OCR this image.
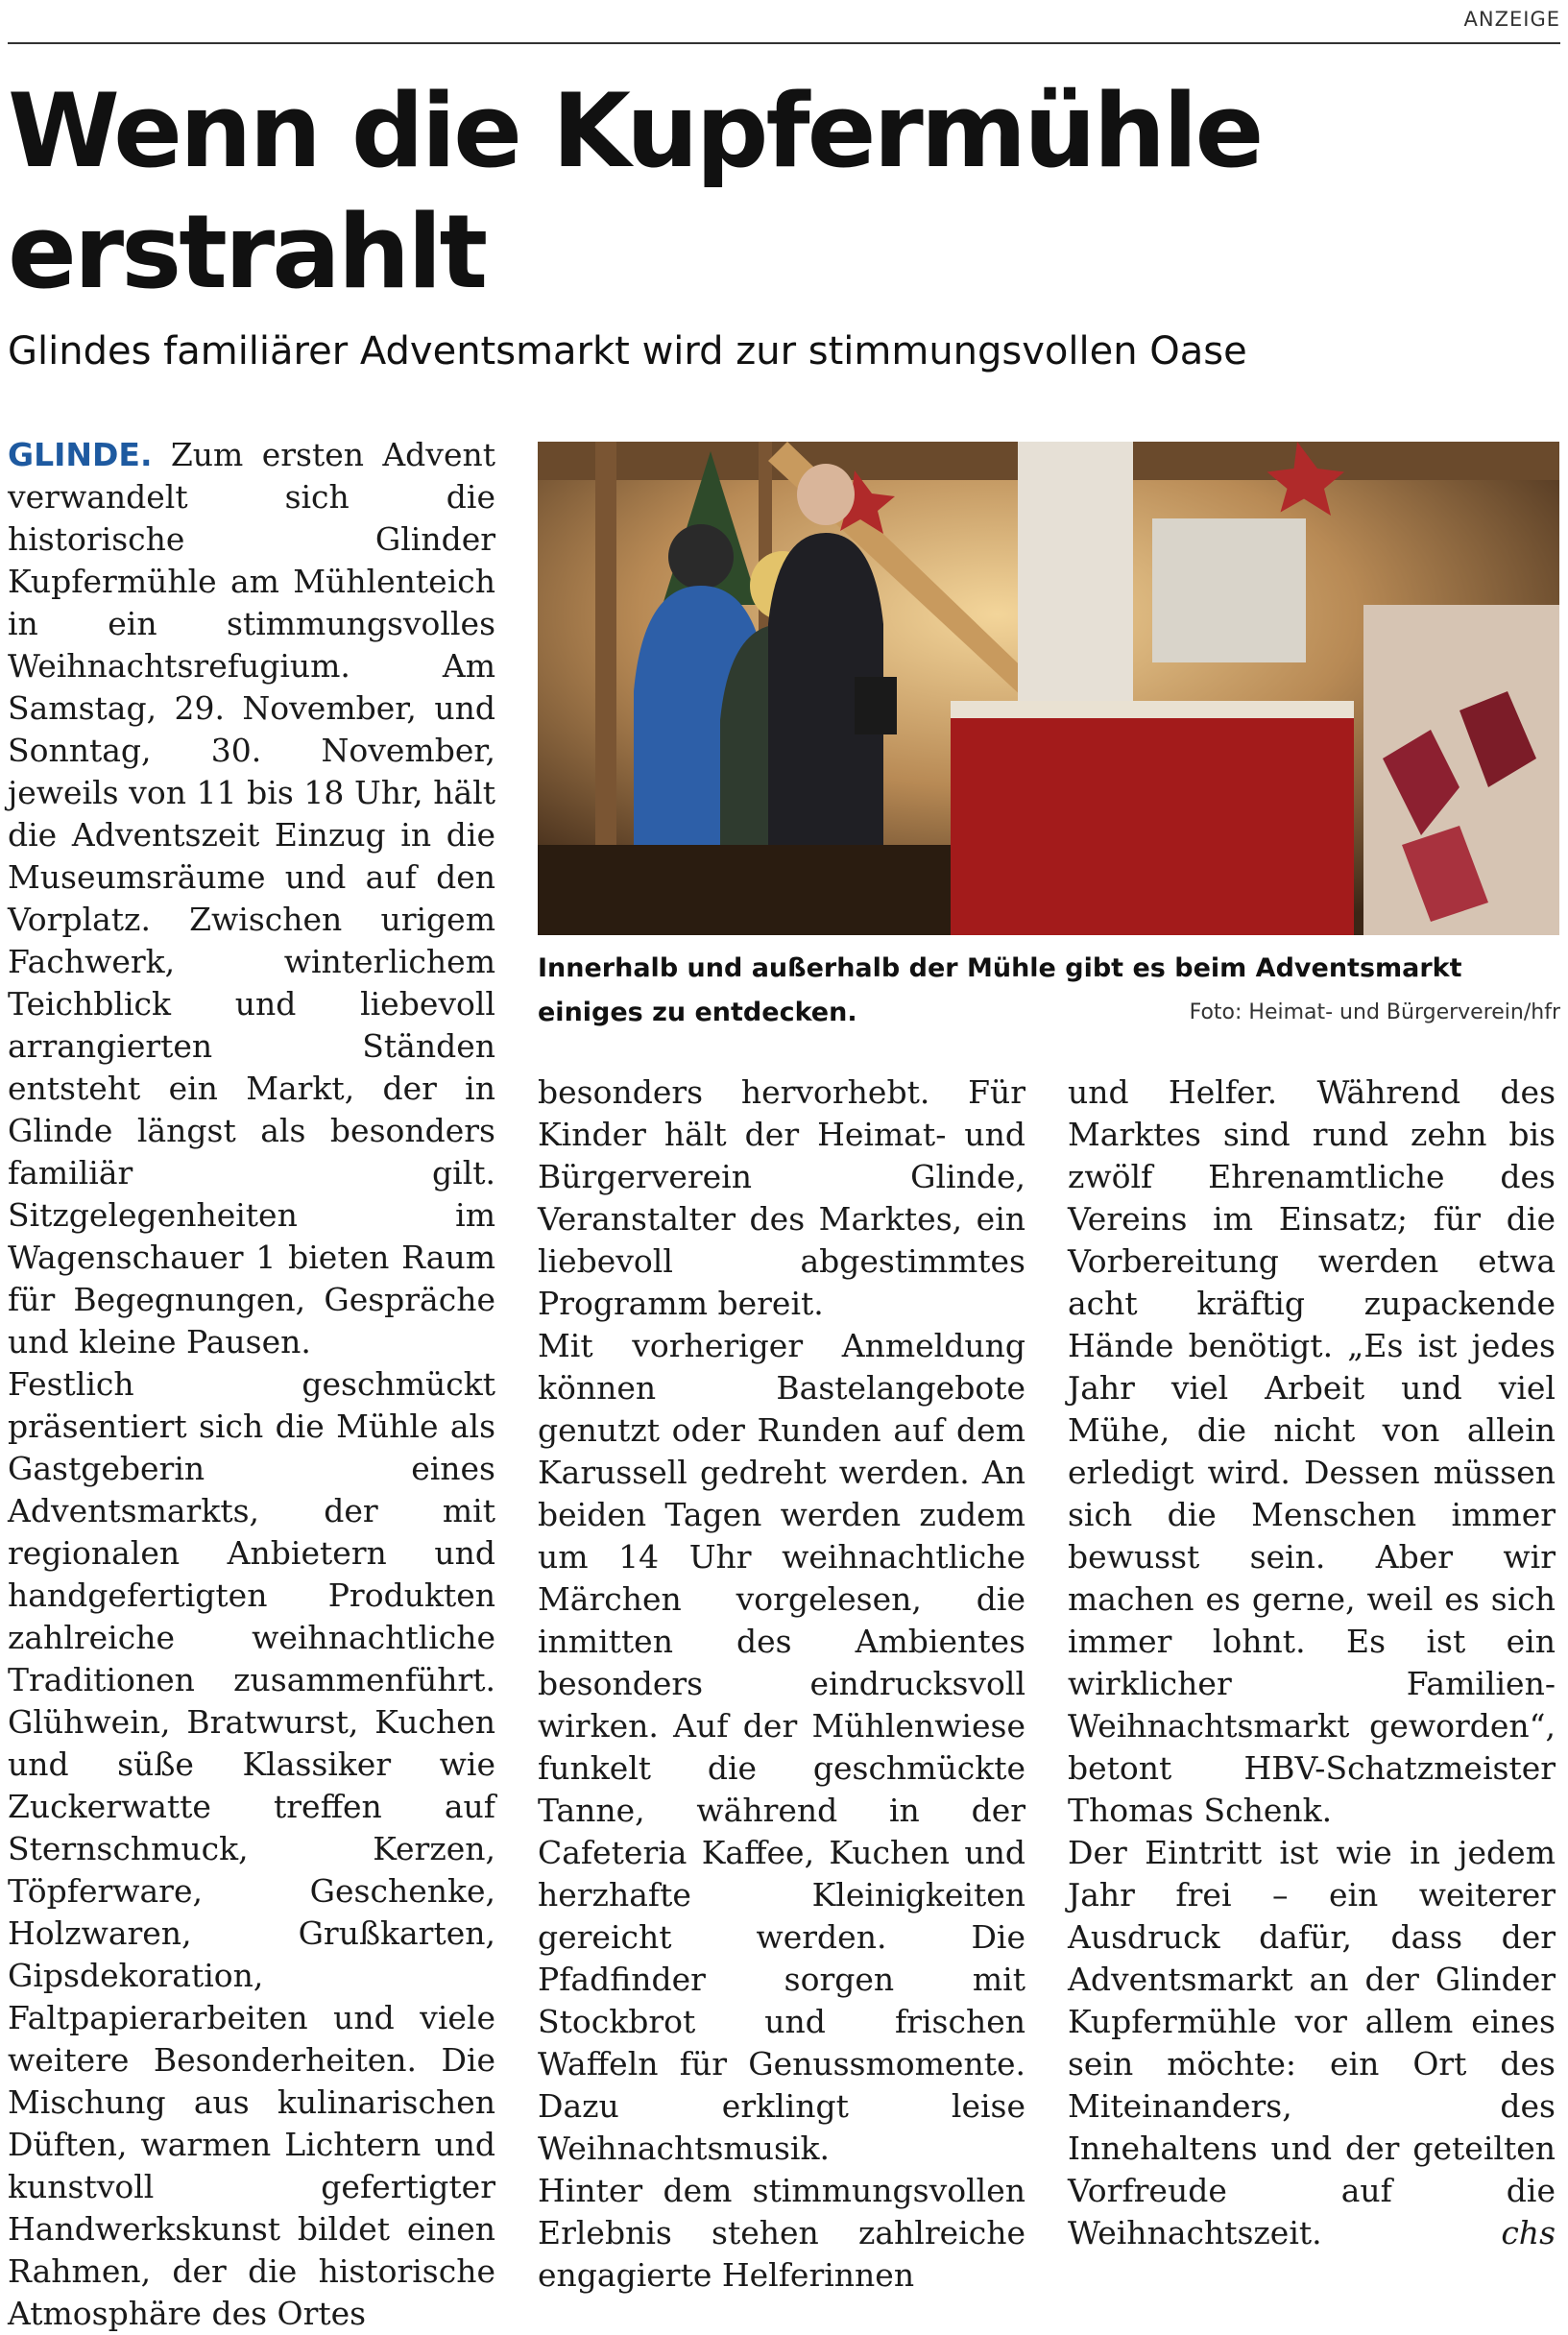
ANZEIGE
Wenn die Kupfermühle erstrahlt
Glindes familiärer Adventsmarkt wird zur stimmungsvollen Oase

GLINDE. Zum ersten Advent verwandelt sich die historische Glinder Kupfermühle am Mühlenteich in ein stimmungsvolles Weihnachtsrefugium. Am Samstag, 29. November, und Sonntag, 30. November, jeweils von 11 bis 18 Uhr, hält die Adventszeit Einzug in die Museumsräume und auf den Vorplatz. Zwischen urigem Fachwerk, winterlichem Teichblick und liebevoll arrangierten Ständen entsteht ein Markt, der in Glinde längst als besonders familiär gilt. Sitzgelegenheiten im Wagenschauer 1 bieten Raum für Begegnungen, Gespräche und kleine Pausen.

Festlich geschmückt präsentiert sich die Mühle als Gastgeberin eines Adventsmarkts, der mit regionalen Anbietern und handgefertigten Produkten zahlreiche weihnachtliche Traditionen zusammenführt. Glühwein, Bratwurst, Kuchen und süße Klassiker wie Zuckerwatte treffen auf Sternschmuck, Kerzen, Töpferware, Geschenke, Holzwaren, Grußkarten, Gipsdekoration, Faltpapierarbeiten und viele weitere Besonderheiten. Die Mischung aus kulinarischen Düften, warmen Lichtern und kunstvoll gefertigter Handwerkskunst bildet einen Rahmen, der die historische Atmosphäre des Ortes

Innerhalb und außerhalb der Mühle gibt es beim Adventsmarkt einiges zu entdecken.	Foto: Heimat- und Bürgerverein/hfr

besonders hervorhebt. Für Kinder hält der Heimat- und Bürgerverein Glinde, Veranstalter des Marktes, ein liebevoll abgestimmtes Programm bereit.

Mit vorheriger Anmeldung können Bastelangebote genutzt oder Runden auf dem Karussell gedreht werden. An beiden Tagen werden zudem um 14 Uhr weihnachtliche Märchen vorgelesen, die inmitten des Ambientes besonders eindrucksvoll wirken. Auf der Mühlenwiese funkelt die geschmückte Tanne, während in der Cafeteria Kaffee, Kuchen und herzhafte Kleinigkeiten gereicht werden. Die Pfadfinder sorgen mit Stockbrot und frischen Waffeln für Genussmomente. Dazu erklingt leise Weihnachtsmusik.

Hinter dem stimmungsvollen Erlebnis stehen zahlreiche engagierte Helferinnen

und Helfer. Während des Marktes sind rund zehn bis zwölf Ehrenamtliche des Vereins im Einsatz; für die Vorbereitung werden etwa acht kräftig zupackende Hände benötigt. „Es ist jedes Jahr viel Arbeit und viel Mühe, die nicht von allein erledigt wird. Dessen müssen sich die Menschen immer bewusst sein. Aber wir machen es gerne, weil es sich immer lohnt. Es ist ein wirklicher Familien-Weihnachtsmarkt geworden“, betont HBV-Schatzmeister Thomas Schenk.

Der Eintritt ist wie in jedem Jahr frei – ein weiterer Ausdruck dafür, dass der Adventsmarkt an der Glinder Kupfermühle vor allem eines sein möchte: ein Ort des Miteinanders, des Innehaltens und der geteilten Vorfreude auf die Weihnachtszeit.	chs
